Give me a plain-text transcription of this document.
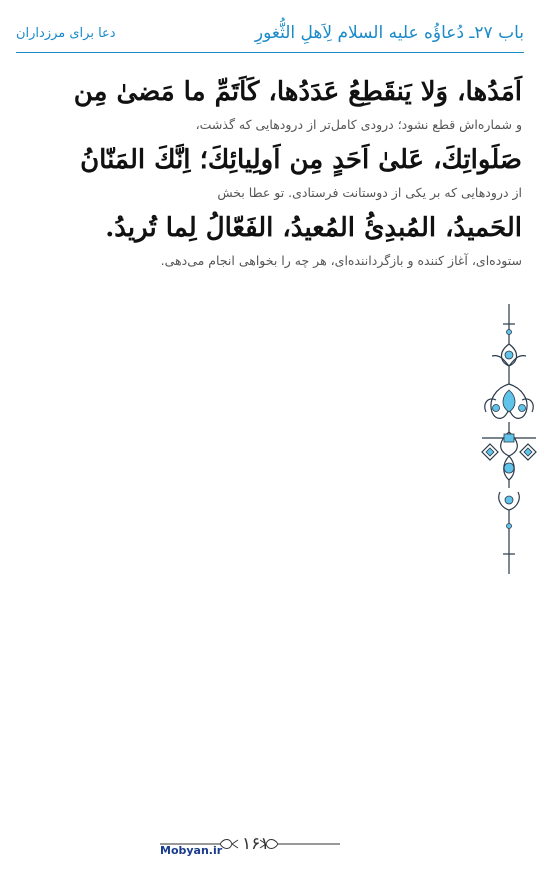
باب ۲۷ـ دُعاؤُه علیه السلام لِاَهلِ الثُّغورِ
دعا برای مرزداران

اَمَدُها، وَلا يَنقَطِعُ عَدَدُها، كَاَتَمِّ ما مَضىٰ مِن

و شماره‌اش قطع نشود؛ درودی کامل‌تر از درودهایی که گذشت،

صَلَواتِكَ، عَلىٰ اَحَدٍ مِن اَولِيائِكَ؛ اِنَّكَ المَنّانُ

از درودهایی که بر یکی از دوستانت فرستادی. تو عطا بخش

الحَميدُ، المُبدِئُ المُعيدُ، الفَعّالُ لِما تُريدُ.

ستوده‌ای، آغاز کننده و بازگرداننده‌ای، هر چه را بخواهی انجام می‌دهی.

Mobyan.ir ۱۶۱
